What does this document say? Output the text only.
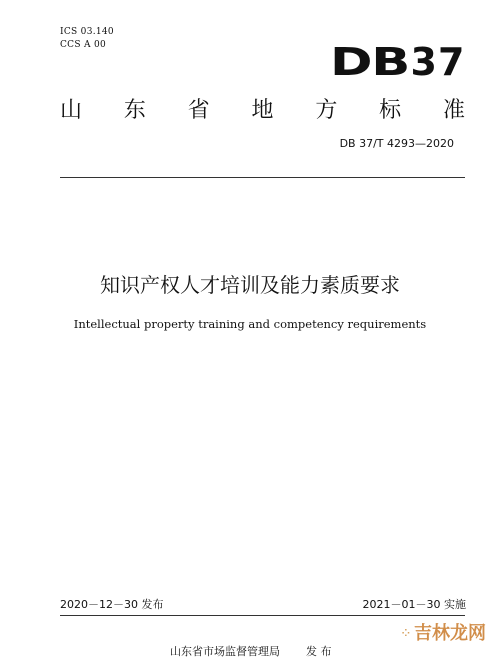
ICS 03.140
CCS A 00	DB37
山 东 省 地 方 标 准
DB 37/T 4293—2020
知识产权人才培训及能力素质要求
Intellectual property training and competency requirements
2020－12－30 发布	2021－01－30 实施
山东省市场监督管理局 发 布
⁘ 吉林龙网
